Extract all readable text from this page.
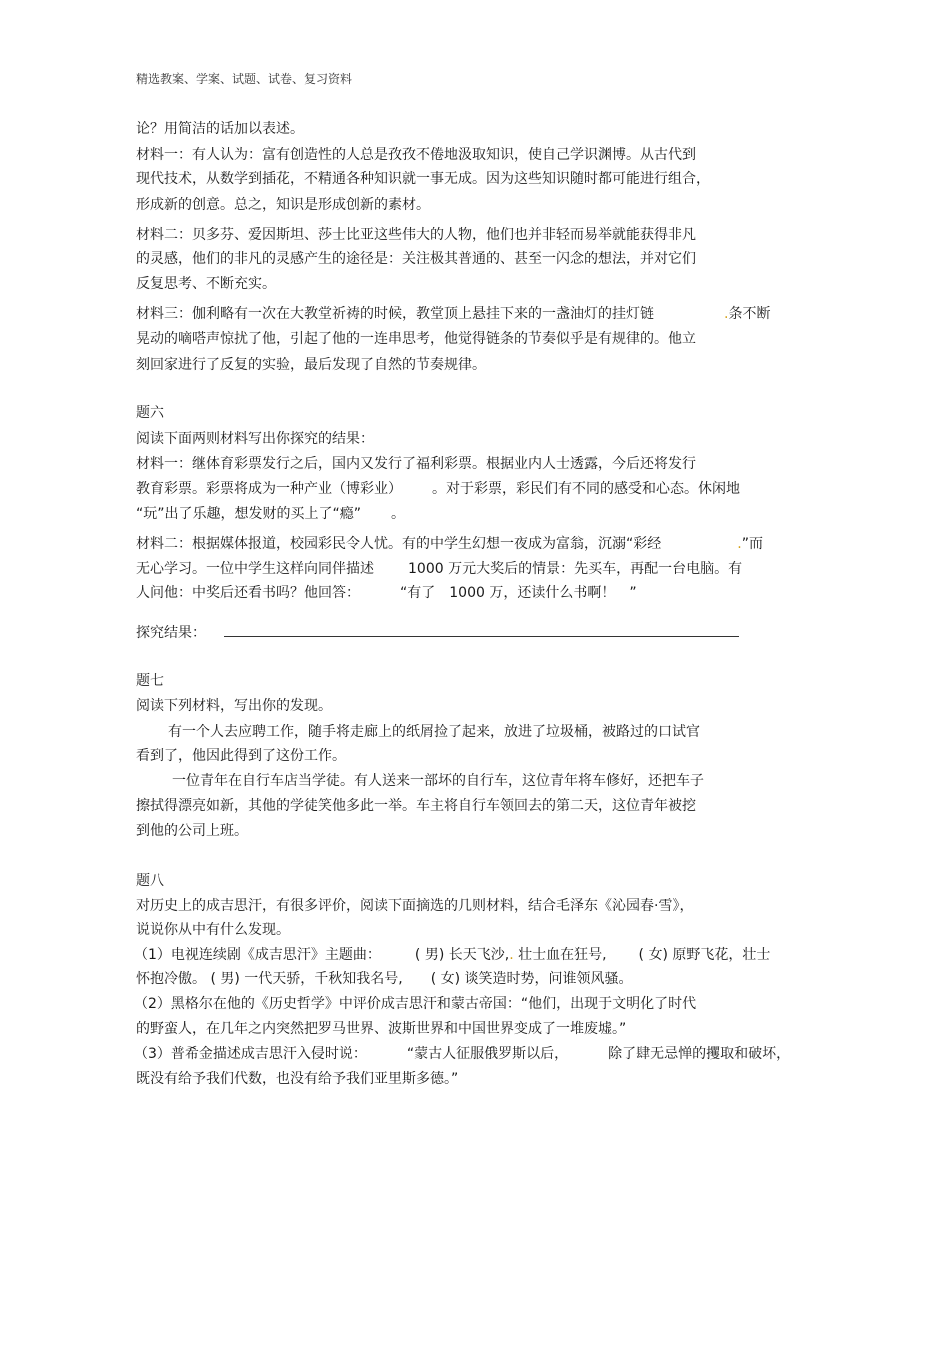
精选教案、学案、试题、试卷、复习资料
论？用简洁的话加以表述。
材料一：有人认为：富有创造性的人总是孜孜不倦地汲取知识，使自己学识渊博。从古代到
现代技术，从数学到插花，不精通各种知识就一事无成。因为这些知识随时都可能进行组合，
形成新的创意。总之，知识是形成创新的素材。
材料二：贝多芬、爱因斯坦、莎士比亚这些伟大的人物，他们也并非轻而易举就能获得非凡
的灵感，他们的非凡的灵感产生的途径是：关注极其普通的、甚至一闪念的想法，并对它们
反复思考、不断充实。
材料三：伽利略有一次在大教堂祈祷的时候，教堂顶上悬挂下来的一盏油灯的挂灯链	.条不断
晃动的嘀嗒声惊扰了他，引起了他的一连串思考，他觉得链条的节奏似乎是有规律的。他立
刻回家进行了反复的实验，最后发现了自然的节奏规律。
题六
阅读下面两则材料写出你探究的结果：
材料一：继体育彩票发行之后，国内又发行了福利彩票。根据业内人士透露，今后还将发行
教育彩票。彩票将成为一种产业（博彩业） 。对于彩票，彩民们有不同的感受和心态。休闲地
“玩”出了乐趣，想发财的买上了“瘾” 。
材料二：根据媒体报道，校园彩民令人忧。有的中学生幻想一夜成为富翁，沉溺“彩经	.”而
无心学习。一位中学生这样向同伴描述 1000 万元大奖后的情景：先买车，再配一台电脑。有
人问他：中奖后还看书吗？他回答：	“有了 1000 万，还读什么书啊！ ”
探究结果：
题七
阅读下列材料，写出你的发现。
有一个人去应聘工作，随手将走廊上的纸屑捡了起来，放进了垃圾桶，被路过的口试官
看到了，他因此得到了这份工作。
一位青年在自行车店当学徒。有人送来一部坏的自行车，这位青年将车修好，还把车子
擦拭得漂亮如新，其他的学徒笑他多此一举。车主将自行车领回去的第二天，这位青年被挖
到他的公司上班。
题八
对历史上的成吉思汗，有很多评价，阅读下面摘选的几则材料，结合毛泽东《沁园春·雪》，
说说你从中有什么发现。
（1）电视连续剧《成吉思汗》主题曲： ( 男) 长天飞沙,. 壮士血在狂号, ( 女) 原野飞花，壮士
怀抱冷傲。 ( 男) 一代天骄，千秋知我名号, ( 女) 谈笑造时势，问谁领风骚。
（2）黑格尔在他的《历史哲学》中评价成吉思汗和蒙古帝国：“他们，出现于文明化了时代
的野蛮人，在几年之内突然把罗马世界、波斯世界和中国世界变成了一堆废墟。”
（3）普希金描述成吉思汗入侵时说：	“蒙古人征服俄罗斯以后，	除了肆无忌惮的攫取和破坏，
既没有给予我们代数，也没有给予我们亚里斯多德。”
